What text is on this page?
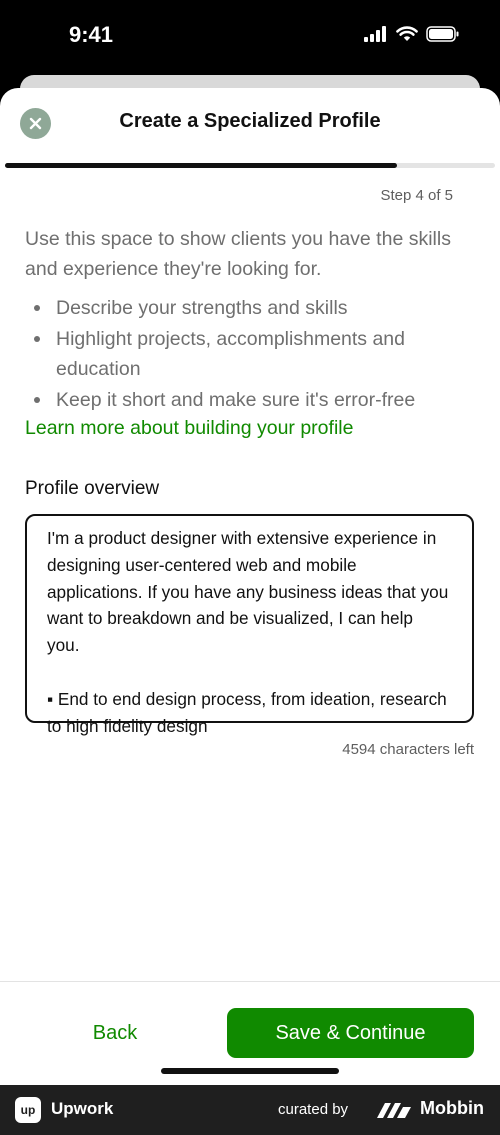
9:41
Create a Specialized Profile
Step 4 of 5
Use this space to show clients you have the skills and experience they're looking for.
Describe your strengths and skills
Highlight projects, accomplishments and education
Keep it short and make sure it's error-free
Learn more about building your profile
Profile overview

I'm a product designer with extensive experience in designing user-centered web and mobile applications. If you have any business ideas that you want to breakdown and be visualized, I can help you.

▪ End to end design process, from ideation, research to high fidelity design

4594 characters left
Back	Save & Continue
up Upwork	curated by	Mobbin
